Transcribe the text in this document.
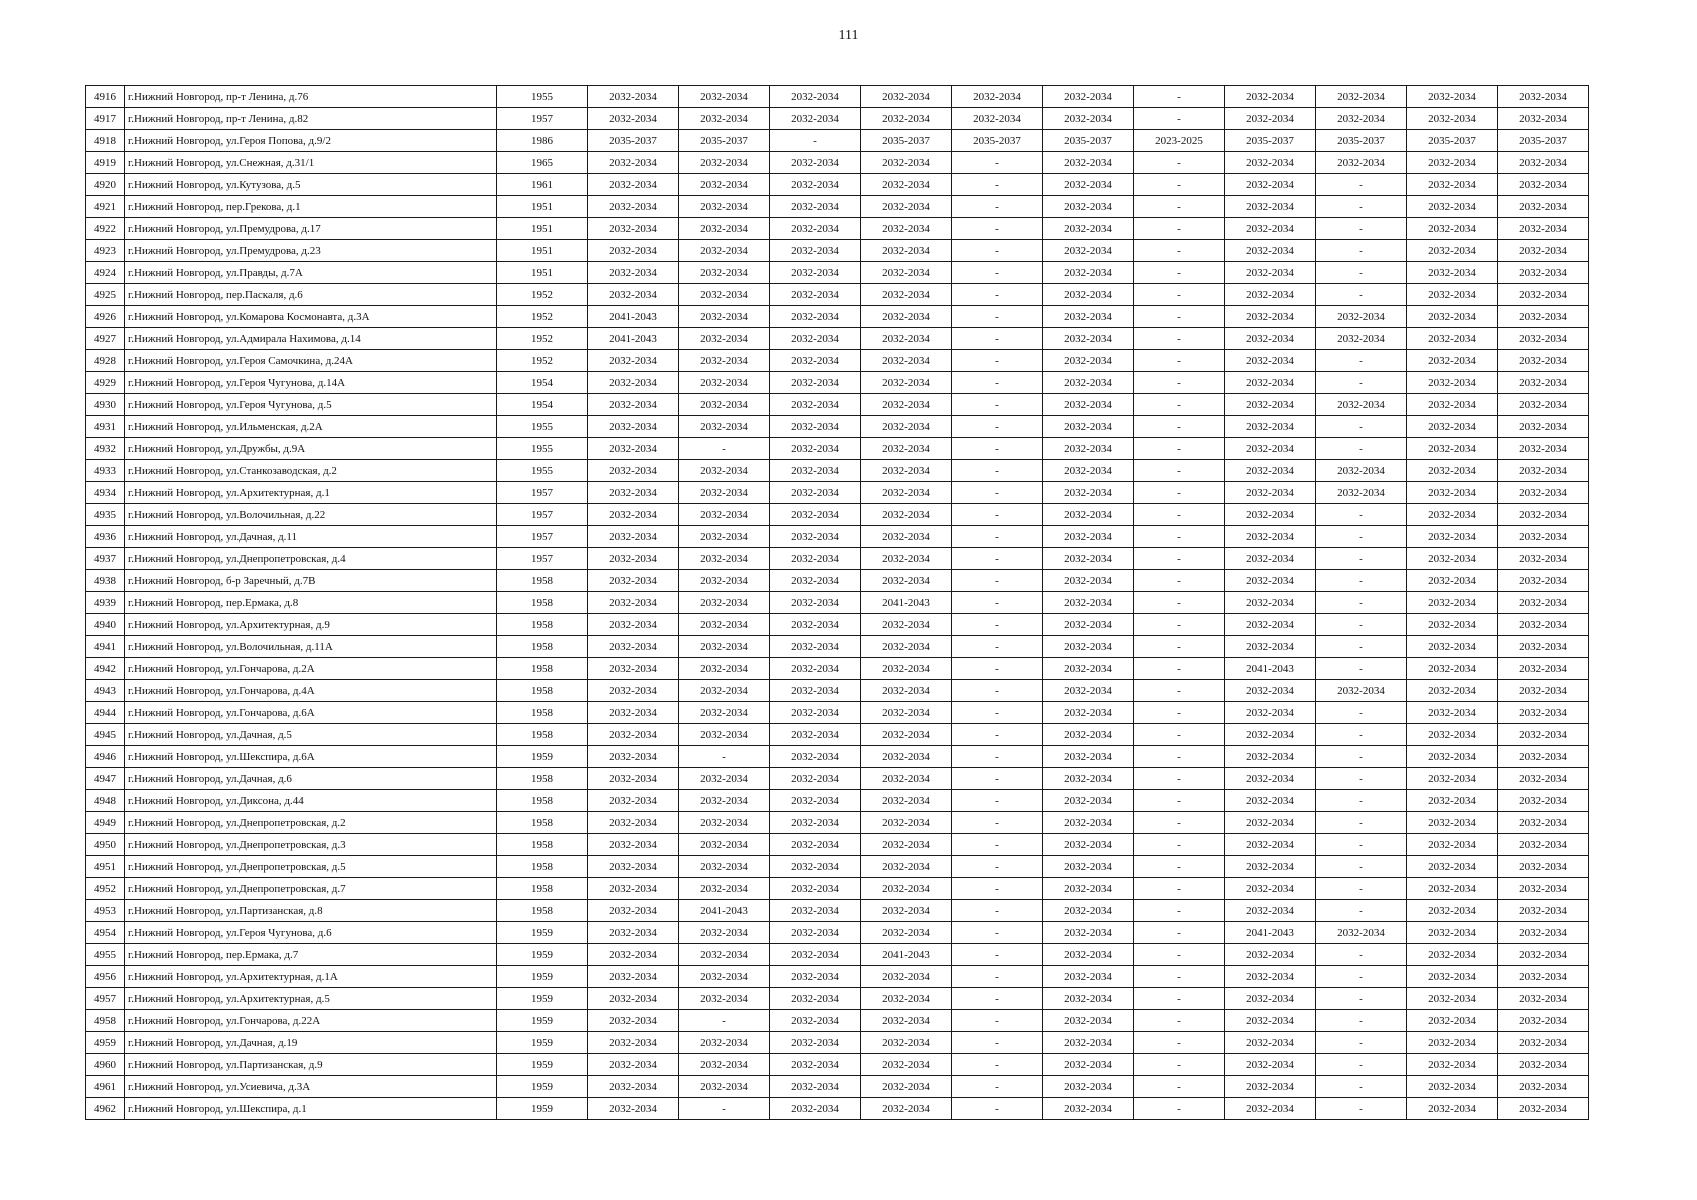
111
4916	г.Нижний Новгород, пр-т Ленина, д.76	1955	2032-2034	2032-2034	2032-2034	2032-2034	2032-2034	2032-2034	-	2032-2034	2032-2034	2032-2034	2032-2034
4917	г.Нижний Новгород, пр-т Ленина, д.82	1957	2032-2034	2032-2034	2032-2034	2032-2034	2032-2034	2032-2034	-	2032-2034	2032-2034	2032-2034	2032-2034
4918	г.Нижний Новгород, ул.Героя Попова, д.9/2	1986	2035-2037	2035-2037	-	2035-2037	2035-2037	2035-2037	2023-2025	2035-2037	2035-2037	2035-2037	2035-2037
4919	г.Нижний Новгород, ул.Снежная, д.31/1	1965	2032-2034	2032-2034	2032-2034	2032-2034	-	2032-2034	-	2032-2034	2032-2034	2032-2034	2032-2034
4920	г.Нижний Новгород, ул.Кутузова, д.5	1961	2032-2034	2032-2034	2032-2034	2032-2034	-	2032-2034	-	2032-2034	-	2032-2034	2032-2034
4921	г.Нижний Новгород, пер.Грекова, д.1	1951	2032-2034	2032-2034	2032-2034	2032-2034	-	2032-2034	-	2032-2034	-	2032-2034	2032-2034
4922	г.Нижний Новгород, ул.Премудрова, д.17	1951	2032-2034	2032-2034	2032-2034	2032-2034	-	2032-2034	-	2032-2034	-	2032-2034	2032-2034
4923	г.Нижний Новгород, ул.Премудрова, д.23	1951	2032-2034	2032-2034	2032-2034	2032-2034	-	2032-2034	-	2032-2034	-	2032-2034	2032-2034
4924	г.Нижний Новгород, ул.Правды, д.7А	1951	2032-2034	2032-2034	2032-2034	2032-2034	-	2032-2034	-	2032-2034	-	2032-2034	2032-2034
4925	г.Нижний Новгород, пер.Паскаля, д.6	1952	2032-2034	2032-2034	2032-2034	2032-2034	-	2032-2034	-	2032-2034	-	2032-2034	2032-2034
4926	г.Нижний Новгород, ул.Комарова Космонавта, д.3А	1952	2041-2043	2032-2034	2032-2034	2032-2034	-	2032-2034	-	2032-2034	2032-2034	2032-2034	2032-2034
4927	г.Нижний Новгород, ул.Адмирала Нахимова, д.14	1952	2041-2043	2032-2034	2032-2034	2032-2034	-	2032-2034	-	2032-2034	2032-2034	2032-2034	2032-2034
4928	г.Нижний Новгород, ул.Героя Самочкина, д.24А	1952	2032-2034	2032-2034	2032-2034	2032-2034	-	2032-2034	-	2032-2034	-	2032-2034	2032-2034
4929	г.Нижний Новгород, ул.Героя Чугунова, д.14А	1954	2032-2034	2032-2034	2032-2034	2032-2034	-	2032-2034	-	2032-2034	-	2032-2034	2032-2034
4930	г.Нижний Новгород, ул.Героя Чугунова, д.5	1954	2032-2034	2032-2034	2032-2034	2032-2034	-	2032-2034	-	2032-2034	2032-2034	2032-2034	2032-2034
4931	г.Нижний Новгород, ул.Ильменская, д.2А	1955	2032-2034	2032-2034	2032-2034	2032-2034	-	2032-2034	-	2032-2034	-	2032-2034	2032-2034
4932	г.Нижний Новгород, ул.Дружбы, д.9А	1955	2032-2034	-	2032-2034	2032-2034	-	2032-2034	-	2032-2034	-	2032-2034	2032-2034
4933	г.Нижний Новгород, ул.Станкозаводская, д.2	1955	2032-2034	2032-2034	2032-2034	2032-2034	-	2032-2034	-	2032-2034	2032-2034	2032-2034	2032-2034
4934	г.Нижний Новгород, ул.Архитектурная, д.1	1957	2032-2034	2032-2034	2032-2034	2032-2034	-	2032-2034	-	2032-2034	2032-2034	2032-2034	2032-2034
4935	г.Нижний Новгород, ул.Волочильная, д.22	1957	2032-2034	2032-2034	2032-2034	2032-2034	-	2032-2034	-	2032-2034	-	2032-2034	2032-2034
4936	г.Нижний Новгород, ул.Дачная, д.11	1957	2032-2034	2032-2034	2032-2034	2032-2034	-	2032-2034	-	2032-2034	-	2032-2034	2032-2034
4937	г.Нижний Новгород, ул.Днепропетровская, д.4	1957	2032-2034	2032-2034	2032-2034	2032-2034	-	2032-2034	-	2032-2034	-	2032-2034	2032-2034
4938	г.Нижний Новгород, б-р Заречный, д.7В	1958	2032-2034	2032-2034	2032-2034	2032-2034	-	2032-2034	-	2032-2034	-	2032-2034	2032-2034
4939	г.Нижний Новгород, пер.Ермака, д.8	1958	2032-2034	2032-2034	2032-2034	2041-2043	-	2032-2034	-	2032-2034	-	2032-2034	2032-2034
4940	г.Нижний Новгород, ул.Архитектурная, д.9	1958	2032-2034	2032-2034	2032-2034	2032-2034	-	2032-2034	-	2032-2034	-	2032-2034	2032-2034
4941	г.Нижний Новгород, ул.Волочильная, д.11А	1958	2032-2034	2032-2034	2032-2034	2032-2034	-	2032-2034	-	2032-2034	-	2032-2034	2032-2034
4942	г.Нижний Новгород, ул.Гончарова, д.2А	1958	2032-2034	2032-2034	2032-2034	2032-2034	-	2032-2034	-	2041-2043	-	2032-2034	2032-2034
4943	г.Нижний Новгород, ул.Гончарова, д.4А	1958	2032-2034	2032-2034	2032-2034	2032-2034	-	2032-2034	-	2032-2034	2032-2034	2032-2034	2032-2034
4944	г.Нижний Новгород, ул.Гончарова, д.6А	1958	2032-2034	2032-2034	2032-2034	2032-2034	-	2032-2034	-	2032-2034	-	2032-2034	2032-2034
4945	г.Нижний Новгород, ул.Дачная, д.5	1958	2032-2034	2032-2034	2032-2034	2032-2034	-	2032-2034	-	2032-2034	-	2032-2034	2032-2034
4946	г.Нижний Новгород, ул.Шекспира, д.6А	1959	2032-2034	-	2032-2034	2032-2034	-	2032-2034	-	2032-2034	-	2032-2034	2032-2034
4947	г.Нижний Новгород, ул.Дачная, д.6	1958	2032-2034	2032-2034	2032-2034	2032-2034	-	2032-2034	-	2032-2034	-	2032-2034	2032-2034
4948	г.Нижний Новгород, ул.Диксона, д.44	1958	2032-2034	2032-2034	2032-2034	2032-2034	-	2032-2034	-	2032-2034	-	2032-2034	2032-2034
4949	г.Нижний Новгород, ул.Днепропетровская, д.2	1958	2032-2034	2032-2034	2032-2034	2032-2034	-	2032-2034	-	2032-2034	-	2032-2034	2032-2034
4950	г.Нижний Новгород, ул.Днепропетровская, д.3	1958	2032-2034	2032-2034	2032-2034	2032-2034	-	2032-2034	-	2032-2034	-	2032-2034	2032-2034
4951	г.Нижний Новгород, ул.Днепропетровская, д.5	1958	2032-2034	2032-2034	2032-2034	2032-2034	-	2032-2034	-	2032-2034	-	2032-2034	2032-2034
4952	г.Нижний Новгород, ул.Днепропетровская, д.7	1958	2032-2034	2032-2034	2032-2034	2032-2034	-	2032-2034	-	2032-2034	-	2032-2034	2032-2034
4953	г.Нижний Новгород, ул.Партизанская, д.8	1958	2032-2034	2041-2043	2032-2034	2032-2034	-	2032-2034	-	2032-2034	-	2032-2034	2032-2034
4954	г.Нижний Новгород, ул.Героя Чугунова, д.6	1959	2032-2034	2032-2034	2032-2034	2032-2034	-	2032-2034	-	2041-2043	2032-2034	2032-2034	2032-2034
4955	г.Нижний Новгород, пер.Ермака, д.7	1959	2032-2034	2032-2034	2032-2034	2041-2043	-	2032-2034	-	2032-2034	-	2032-2034	2032-2034
4956	г.Нижний Новгород, ул.Архитектурная, д.1А	1959	2032-2034	2032-2034	2032-2034	2032-2034	-	2032-2034	-	2032-2034	-	2032-2034	2032-2034
4957	г.Нижний Новгород, ул.Архитектурная, д.5	1959	2032-2034	2032-2034	2032-2034	2032-2034	-	2032-2034	-	2032-2034	-	2032-2034	2032-2034
4958	г.Нижний Новгород, ул.Гончарова, д.22А	1959	2032-2034	-	2032-2034	2032-2034	-	2032-2034	-	2032-2034	-	2032-2034	2032-2034
4959	г.Нижний Новгород, ул.Дачная, д.19	1959	2032-2034	2032-2034	2032-2034	2032-2034	-	2032-2034	-	2032-2034	-	2032-2034	2032-2034
4960	г.Нижний Новгород, ул.Партизанская, д.9	1959	2032-2034	2032-2034	2032-2034	2032-2034	-	2032-2034	-	2032-2034	-	2032-2034	2032-2034
4961	г.Нижний Новгород, ул.Усиевича, д.3А	1959	2032-2034	2032-2034	2032-2034	2032-2034	-	2032-2034	-	2032-2034	-	2032-2034	2032-2034
4962	г.Нижний Новгород, ул.Шекспира, д.1	1959	2032-2034	-	2032-2034	2032-2034	-	2032-2034	-	2032-2034	-	2032-2034	2032-2034
